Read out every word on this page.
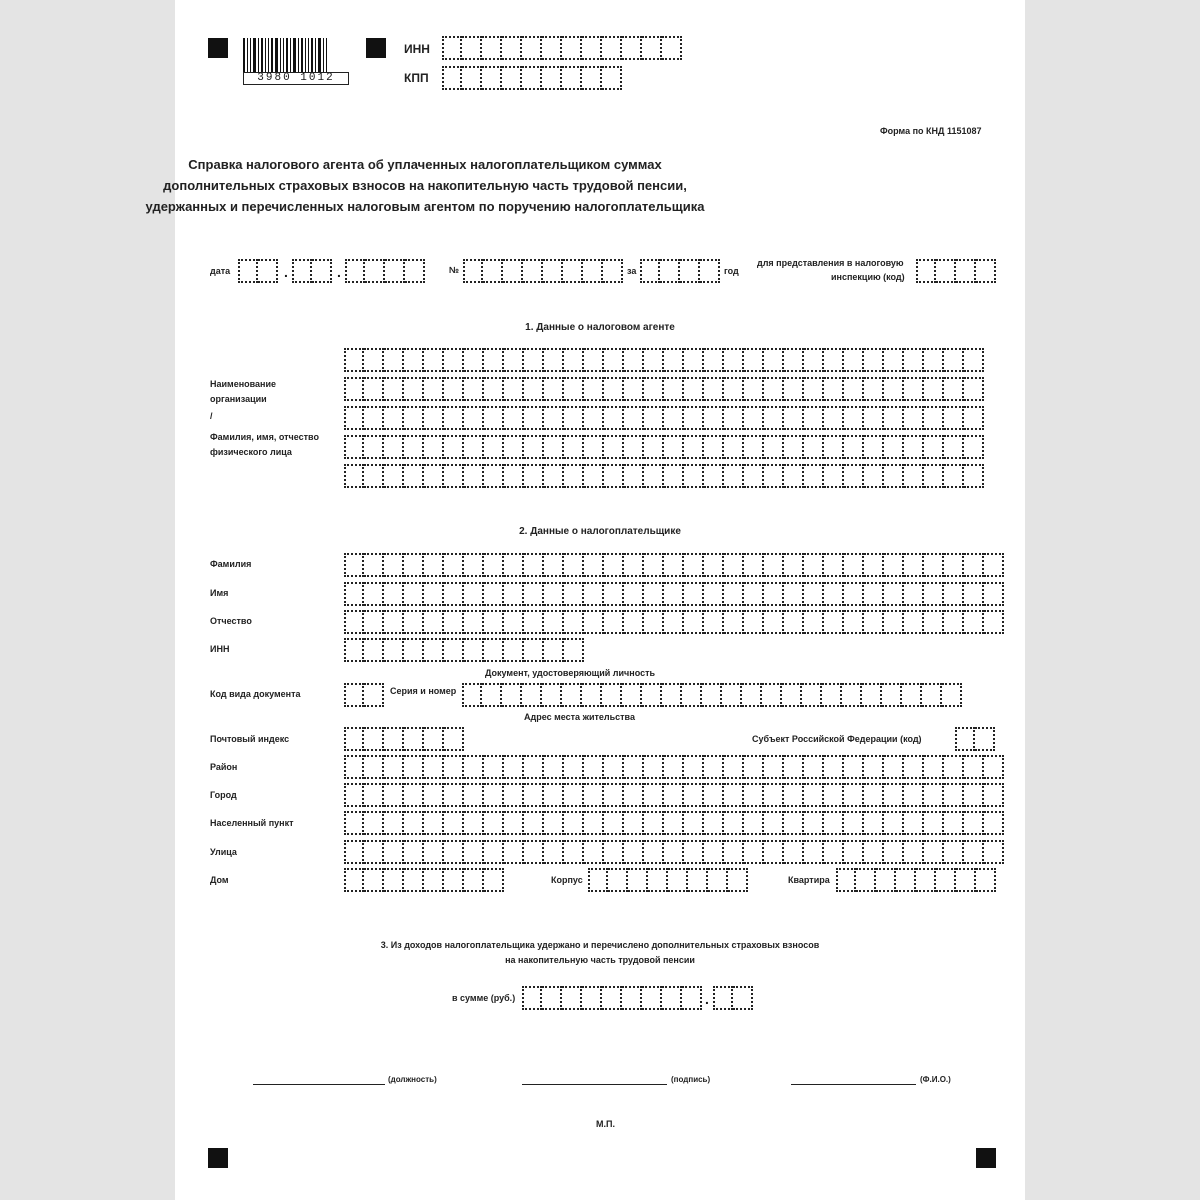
3980 1012
ИНН
КПП
Форма по КНД 1151087
Справка налогового агента об уплаченных налогоплательщиком суммах
дополнительных страховых взносов на накопительную часть трудовой пенсии,
удержанных и перечисленных налоговым агентом по поручению налогоплательщика
дата	.	.	№	за	год
для представления в налоговую
инспекцию (код)
1. Данные о налоговом агенте
Наименование
организации
/
Фамилия, имя, отчество
физического лица
2. Данные о налогоплательщике
Фамилия
Имя
Отчество
ИНН
Документ, удостоверяющий личность
Код вида документа	Серия и номер
Адрес места жительства
Почтовый индекс	Субъект Российской Федерации (код)
Район
Город
Населенный пункт
Улица
Дом	Корпус	Квартира
3. Из доходов налогоплательщика удержано и перечислено дополнительных страховых взносов
на накопительную часть трудовой пенсии
в сумме (руб.)	.
(должность)	(подпись)	(Ф.И.О.)
М.П.
